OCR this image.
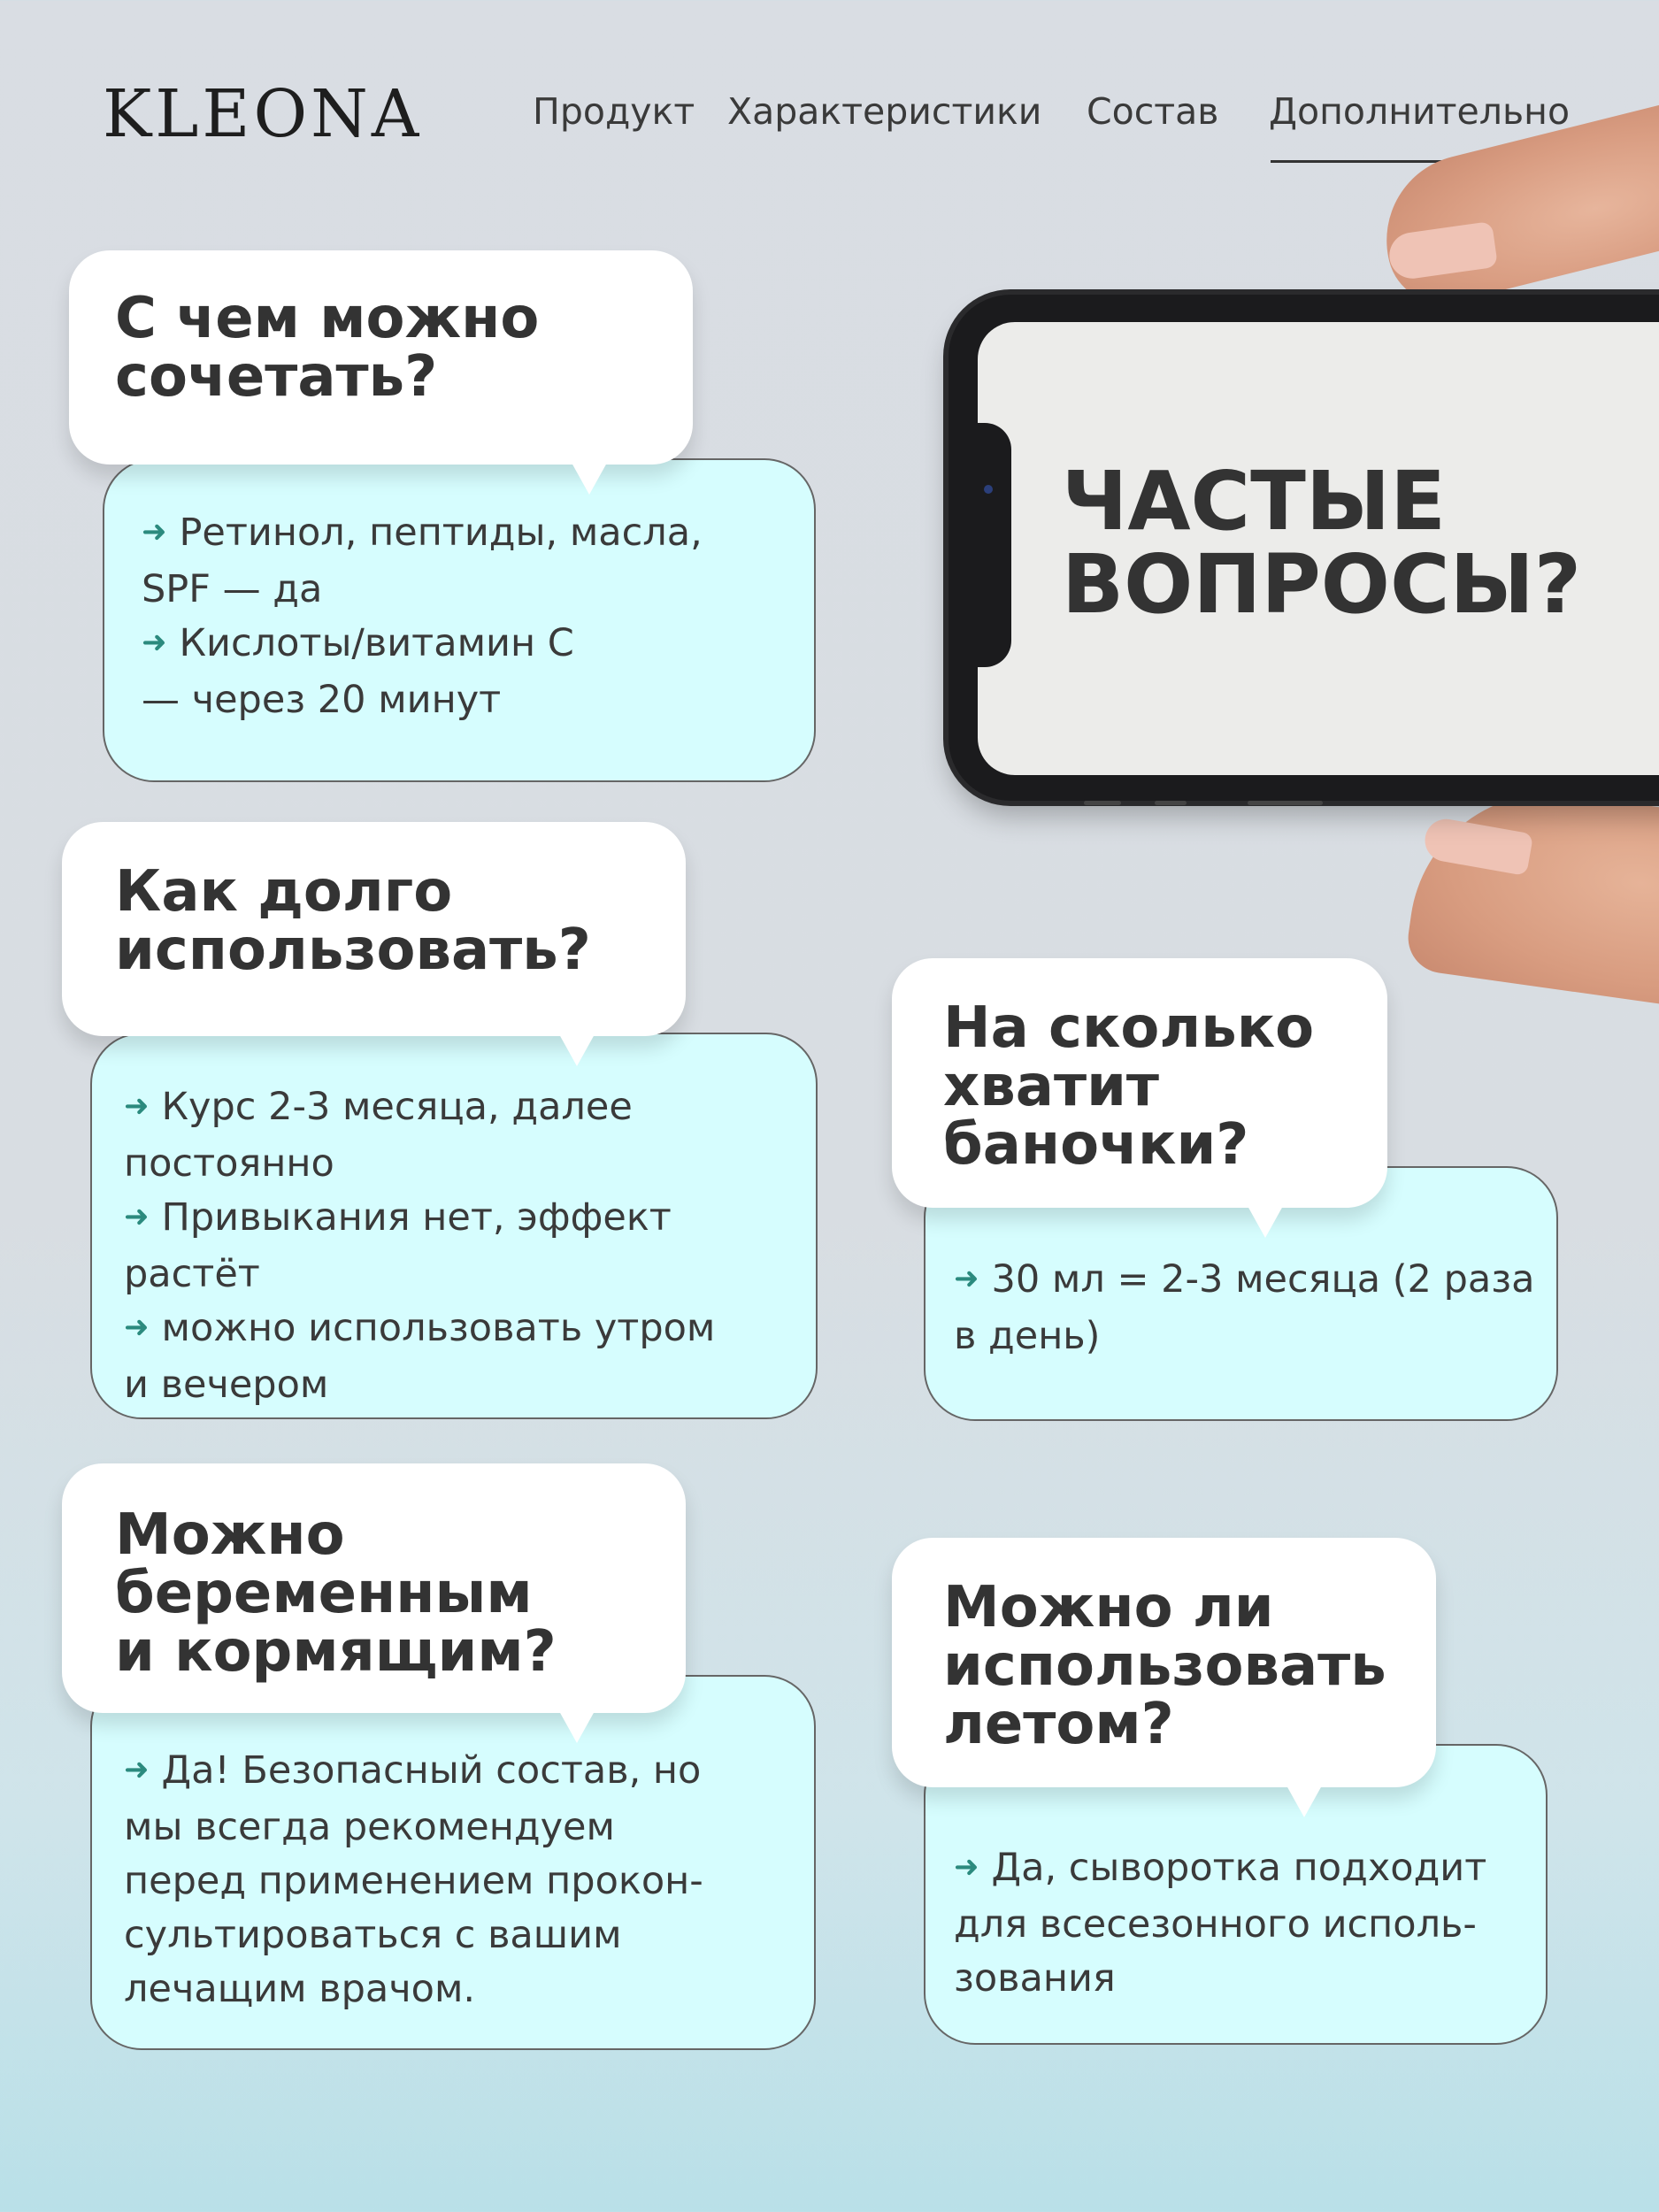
KLEONA	Продукт Характеристики Состав Дополнительно
ЧАСТЫЕ
ВОПРОСЫ?

➜ Ретинол, пептиды, масла,

SPF — да

➜ Кислоты/витамин C

— через 20 минут

С чем можно
сочетать?

➜ Курс 2-3 месяца, далее

постоянно

➜ Привыкания нет, эффект

растёт

➜ можно использовать утром

и вечером

Как долго
использовать?

➜ 30 мл = 2-3 месяца (2 раза

в день)

На сколько
хватит
баночки?

➜ Да! Безопасный состав, но

мы всегда рекомендуем

перед применением прокон-

сультироваться с вашим

лечащим врачом.

Можно
беременным
и кормящим?

➜ Да, сыворотка подходит

для всесезонного исполь-

зования

Можно ли
использовать
летом?
